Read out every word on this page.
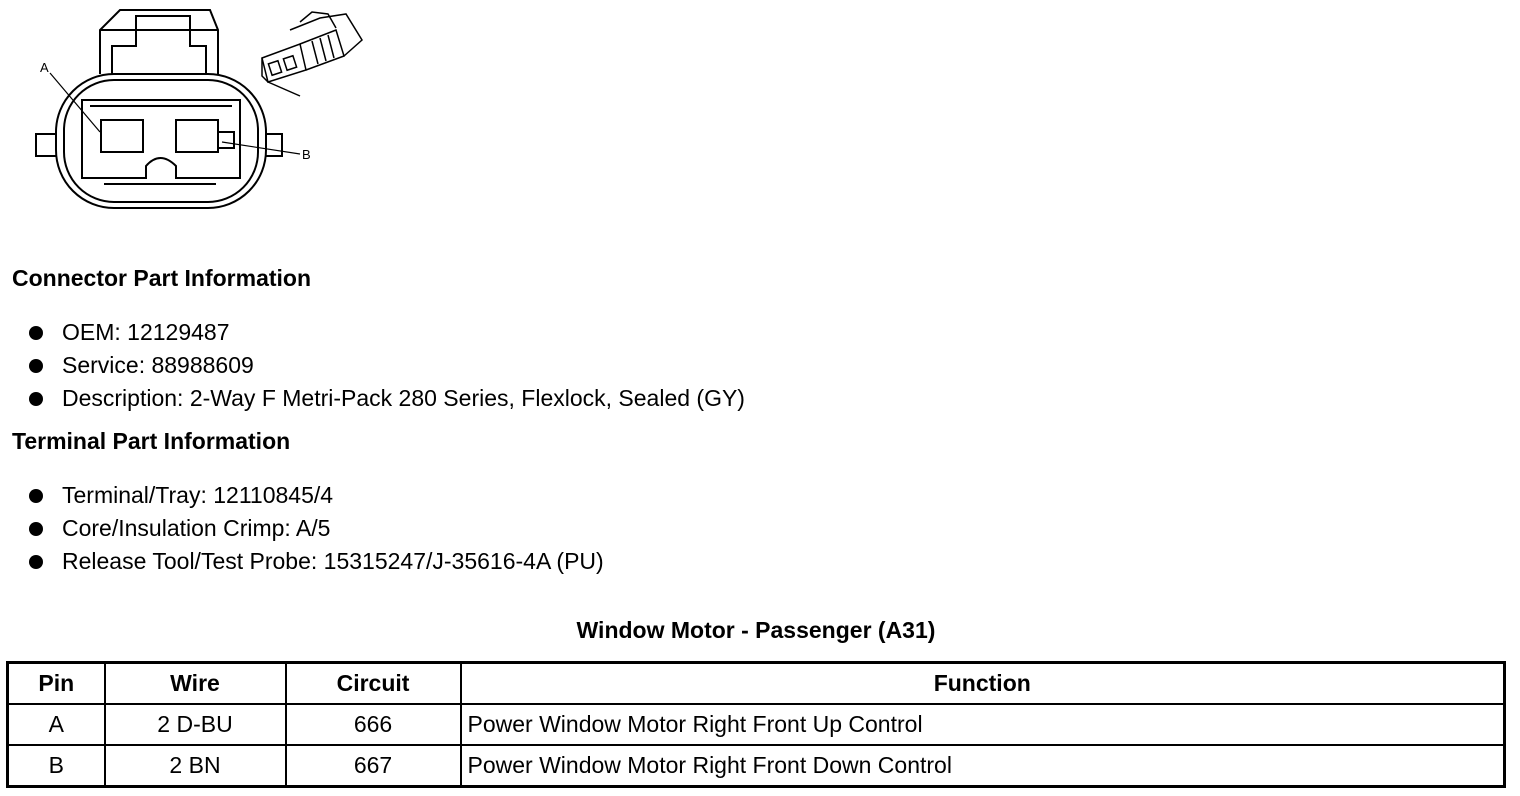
A
B
Connector Part Information
OEM: 12129487
Service: 88988609
Description: 2-Way F Metri-Pack 280 Series, Flexlock, Sealed (GY)
Terminal Part Information
Terminal/Tray: 12110845/4
Core/Insulation Crimp: A/5
Release Tool/Test Probe: 15315247/J-35616-4A (PU)
Window Motor - Passenger (A31)
Pin	Wire	Circuit	Function
A	2 D-BU	666	Power Window Motor Right Front Up Control
B	2 BN	667	Power Window Motor Right Front Down Control
